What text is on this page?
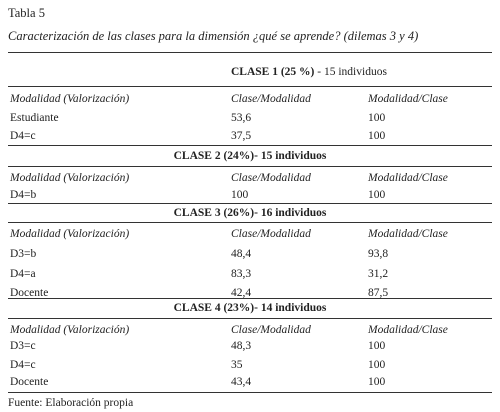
Tabla 5
Caracterización de las clases para la dimensión ¿qué se aprende? (dilemas 3 y 4)
CLASE 1 (25 %) - 15 individuos
Modalidad (Valorización)	Clase/Modalidad	Modalidad/Clase
Estudiante	53,6	100
D4=c	37,5	100
CLASE 2 (24%)- 15 individuos
Modalidad (Valorización)	Clase/Modalidad	Modalidad/Clase
D4=b	100	100
CLASE 3 (26%)- 16 individuos
Modalidad (Valorización)	Clase/Modalidad	Modalidad/Clase
D3=b	48,4	93,8
D4=a	83,3	31,2
Docente	42,4	87,5
CLASE 4 (23%)- 14 individuos
Modalidad (Valorización)	Clase/Modalidad	Modalidad/Clase
D3=c	48,3	100
D4=c	35	100
Docente	43,4	100
Fuente: Elaboración propia
